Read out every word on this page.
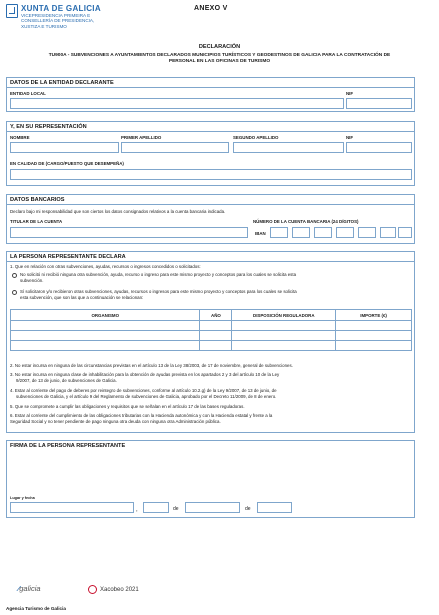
XUNTA DE GALICIA
VICEPRESIDENCIA PRIMEIRA E
CONSELLERÍA DE PRESIDENCIA,
XUSTIZA E TURISMO
ANEXO V
DECLARACIÓN
TU900A - SUBVENCIONES A AYUNTAMIENTOS DECLARADOS MUNICIPIOS TURÍSTICOS Y GEODESTINOS DE GALICIA PARA LA CONTRATACIÓN DE
PERSONAL EN LAS OFICINAS DE TURISMO
DATOS DE LA ENTIDAD DECLARANTE
ENTIDAD LOCAL	NIF
Y, EN SU REPRESENTACIÓN
NOMBRE	PRIMER APELLIDO	SEGUNDO APELLIDO	NIF
EN CALIDAD DE (CARGO/PUESTO QUE DESEMPEÑA)
DATOS BANCARIOS
Declaro bajo mi responsabilidad que son ciertos los datos consignados relativos a la cuenta bancaria indicada.
TITULAR DE LA CUENTA	NÚMERO DE LA CUENTA BANCARIA (24 DÍGITOS)
IBAN
LA PERSONA REPRESENTANTE DECLARA
1. Que en relación con otras subvenciones, ayudas, recursos o ingresos concedidos o solicitados:
No solicitó ni recibió ninguna otra subvención, ayuda, recurso o ingreso para este mismo proyecto y conceptos para los cuales se solicita esta
subvención.
Sí solicitaron y/o recibieron otras subvenciones, ayudas, recursos o ingresos para este mismo proyecto y conceptos para los cuales se solicita
esta subvención, que son las que a continuación se relacionan:
ORGANISMO	AÑO	DISPOSICIÓN REGULADORA	IMPORTE (€)

2. No estar incursa en ninguna de las circunstancias previstas en el artículo 13 de la Ley 38/2003, de 17 de noviembre, general de subvenciones.
3. No estar incursa en ninguna clase de inhabilitación para la obtención de ayudas prevista en los apartados 2 y 3 del artículo 10 de la Ley
9/2007, de 13 de junio, de subvenciones de Galicia.
4. Estar al corriente del pago de deberes por reintegro de subvenciones, conforme al artículo 10.2.g) de la Ley 9/2007, de 13 de junio, de
subvenciones de Galicia, y el artículo 9 del Reglamento de subvenciones de Galicia, aprobado por el Decreto 11/2009, de 8 de enero.
5. Que se compromete a cumplir las obligaciones y requisitos que se señalan en el artículo 17 de las bases reguladoras.
6. Estar al corriente del cumplimiento de las obligaciones tributarias con la Hacienda autonómica y con la Hacienda estatal y frente a la
Seguridad Social y no tener pendiente de pago ninguna otra deuda con ninguna otra Administración pública.
FIRMA DE LA PERSONA REPRESENTANTE
Lugar y fecha
,	de	de
⁄galicia	Xacobeo 2021
Agencia Turismo de Galicia
